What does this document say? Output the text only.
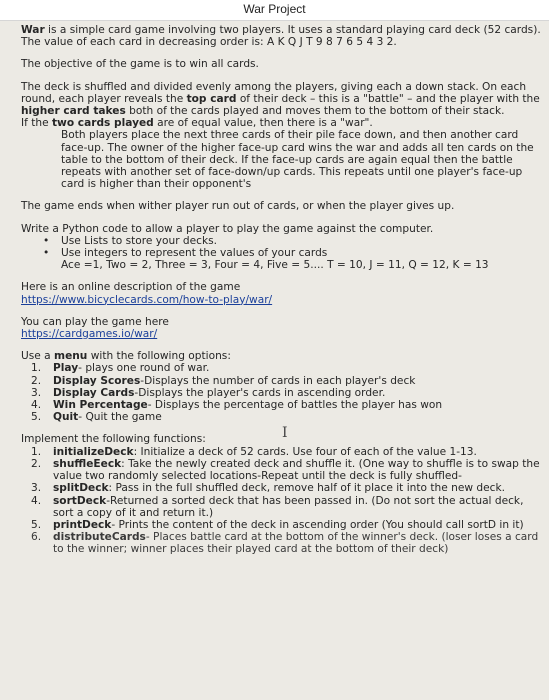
War Project

War is a simple card game involving two players. It uses a standard playing card deck (52 cards). The value of each card in decreasing order is: A K Q J T 9 8 7 6 5 4 3 2.

The objective of the game is to win all cards.

The deck is shuffled and divided evenly among the players, giving each a down stack. On each round, each player reveals the top card of their deck – this is a "battle" – and the player with the higher card takes both of the cards played and moves them to the bottom of their stack.

If the two cards played are of equal value, then there is a "war".

Both players place the next three cards of their pile face down, and then another card face-up. The owner of the higher face-up card wins the war and adds all ten cards on the table to the bottom of their deck. If the face-up cards are again equal then the battle repeats with another set of face-down/up cards. This repeats until one player's face-up card is higher than their opponent's

The game ends when wither player run out of cards, or when the player gives up.

Write a Python code to allow a player to play the game against the computer.

• Use Lists to store your decks.
• Use integers to represent the values of your cards
Ace =1, Two = 2, Three = 3, Four = 4, Five = 5.... T = 10, J = 11, Q = 12, K = 13

Here is an online description of the game

https://www.bicyclecards.com/how-to-play/war/

You can play the game here

https://cardgames.io/war/

Use a menu with the following options:

1. Play- plays one round of war.
2. Display Scores-Displays the number of cards in each player's deck
3. Display Cards-Displays the player's cards in ascending order.
4. Win Percentage- Displays the percentage of battles the player has won
5. Quit- Quit the game

Implement the following functions:

1. initializeDeck: Initialize a deck of 52 cards. Use four of each of the value 1-13.
2. shuffleEeck: Take the newly created deck and shuffle it. (One way to shuffle is to swap the value two randomly selected locations-Repeat until the deck is fully shuffled-
3. splitDeck: Pass in the full shuffled deck, remove half of it place it into the new deck.
4. sortDeck-Returned a sorted deck that has been passed in. (Do not sort the actual deck, sort a copy of it and return it.)
5. printDeck- Prints the content of the deck in ascending order (You should call sortD in it)
6. distributeCards- Places battle card at the bottom of the winner's deck. (loser loses a card to the winner; winner places their played card at the bottom of their deck)
I
